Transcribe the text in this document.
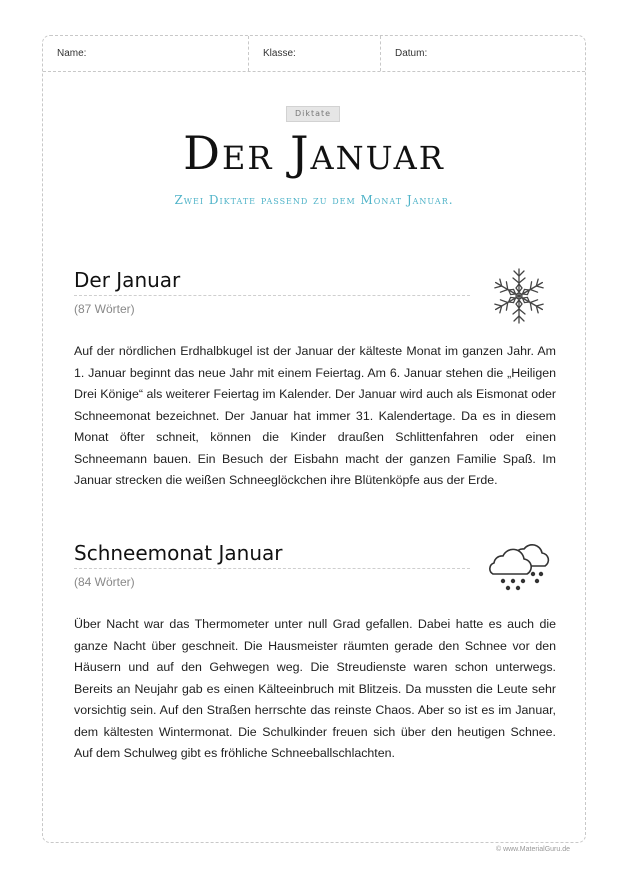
Name:	Klasse:	Datum:
Diktate
Der Januar
Zwei Diktate passend zu dem Monat Januar.
Der Januar
(87 Wörter)
Auf der nördlichen Erdhalbkugel ist der Januar der kälteste Monat im ganzen Jahr. Am 1. Januar beginnt das neue Jahr mit einem Feiertag. Am 6. Januar stehen die „Heiligen Drei Könige“ als weiterer Feiertag im Kalender. Der Januar wird auch als Eismonat oder Schneemonat bezeichnet. Der Januar hat immer 31. Kalendertage. Da es in diesem Monat öfter schneit, können die Kinder draußen Schlittenfahren oder einen Schneemann bauen. Ein Besuch der Eisbahn macht der ganzen Familie Spaß. Im Januar strecken die weißen Schneeglöckchen ihre Blütenköpfe aus der Erde.
Schneemonat Januar
(84 Wörter)
Über Nacht war das Thermometer unter null Grad gefallen. Dabei hatte es auch die ganze Nacht über geschneit. Die Hausmeister räumten gerade den Schnee vor den Häusern und auf den Gehwegen weg. Die Streudienste waren schon unterwegs. Bereits an Neujahr gab es einen Kälteeinbruch mit Blitzeis. Da mussten die Leute sehr vorsichtig sein. Auf den Straßen herrschte das reinste Chaos. Aber so ist es im Januar, dem kältesten Wintermonat. Die Schulkinder freuen sich über den heutigen Schnee. Auf dem Schulweg gibt es fröhliche Schneeballschlachten.
© www.MaterialGuru.de
